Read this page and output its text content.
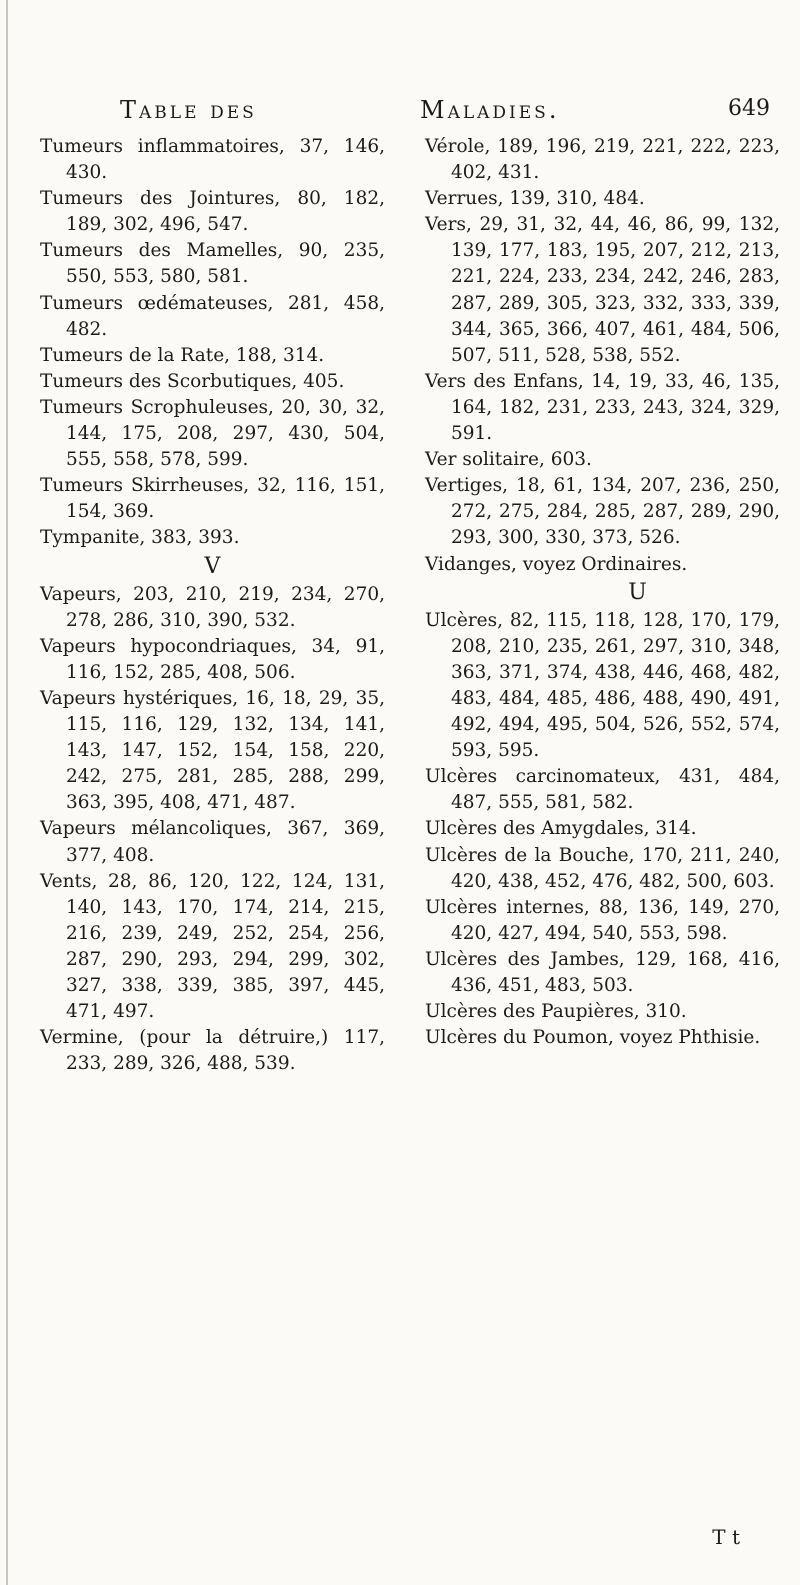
Table des	Maladies.	649
Tumeurs inflammatoires, 37, 146, 430.
Tumeurs des Jointures, 80, 182, 189, 302, 496, 547.
Tumeurs des Mamelles, 90, 235, 550, 553, 580, 581.
Tumeurs œdémateuses, 281, 458, 482.
Tumeurs de la Rate, 188, 314.
Tumeurs des Scorbutiques, 405.
Tumeurs Scrophuleuses, 20, 30, 32, 144, 175, 208, 297, 430, 504, 555, 558, 578, 599.
Tumeurs Skirrheuses, 32, 116, 151, 154, 369.
Tympanite, 383, 393.
V
Vapeurs, 203, 210, 219, 234, 270, 278, 286, 310, 390, 532.
Vapeurs hypocondriaques, 34, 91, 116, 152, 285, 408, 506.
Vapeurs hystériques, 16, 18, 29, 35, 115, 116, 129, 132, 134, 141, 143, 147, 152, 154, 158, 220, 242, 275, 281, 285, 288, 299, 363, 395, 408, 471, 487.
Vapeurs mélancoliques, 367, 369, 377, 408.
Vents, 28, 86, 120, 122, 124, 131, 140, 143, 170, 174, 214, 215, 216, 239, 249, 252, 254, 256, 287, 290, 293, 294, 299, 302, 327, 338, 339, 385, 397, 445, 471, 497.
Vermine, (pour la détruire,) 117, 233, 289, 326, 488, 539.
Vérole, 189, 196, 219, 221, 222, 223, 402, 431.
Verrues, 139, 310, 484.
Vers, 29, 31, 32, 44, 46, 86, 99, 132, 139, 177, 183, 195, 207, 212, 213, 221, 224, 233, 234, 242, 246, 283, 287, 289, 305, 323, 332, 333, 339, 344, 365, 366, 407, 461, 484, 506, 507, 511, 528, 538, 552.
Vers des Enfans, 14, 19, 33, 46, 135, 164, 182, 231, 233, 243, 324, 329, 591.
Ver solitaire, 603.
Vertiges, 18, 61, 134, 207, 236, 250, 272, 275, 284, 285, 287, 289, 290, 293, 300, 330, 373, 526.
Vidanges, voyez Ordinaires.
U
Ulcères, 82, 115, 118, 128, 170, 179, 208, 210, 235, 261, 297, 310, 348, 363, 371, 374, 438, 446, 468, 482, 483, 484, 485, 486, 488, 490, 491, 492, 494, 495, 504, 526, 552, 574, 593, 595.
Ulcères carcinomateux, 431, 484, 487, 555, 581, 582.
Ulcères des Amygdales, 314.
Ulcères de la Bouche, 170, 211, 240, 420, 438, 452, 476, 482, 500, 603.
Ulcères internes, 88, 136, 149, 270, 420, 427, 494, 540, 553, 598.
Ulcères des Jambes, 129, 168, 416, 436, 451, 483, 503.
Ulcères des Paupières, 310.
Ulcères du Poumon, voyez Phthisie.
T t
